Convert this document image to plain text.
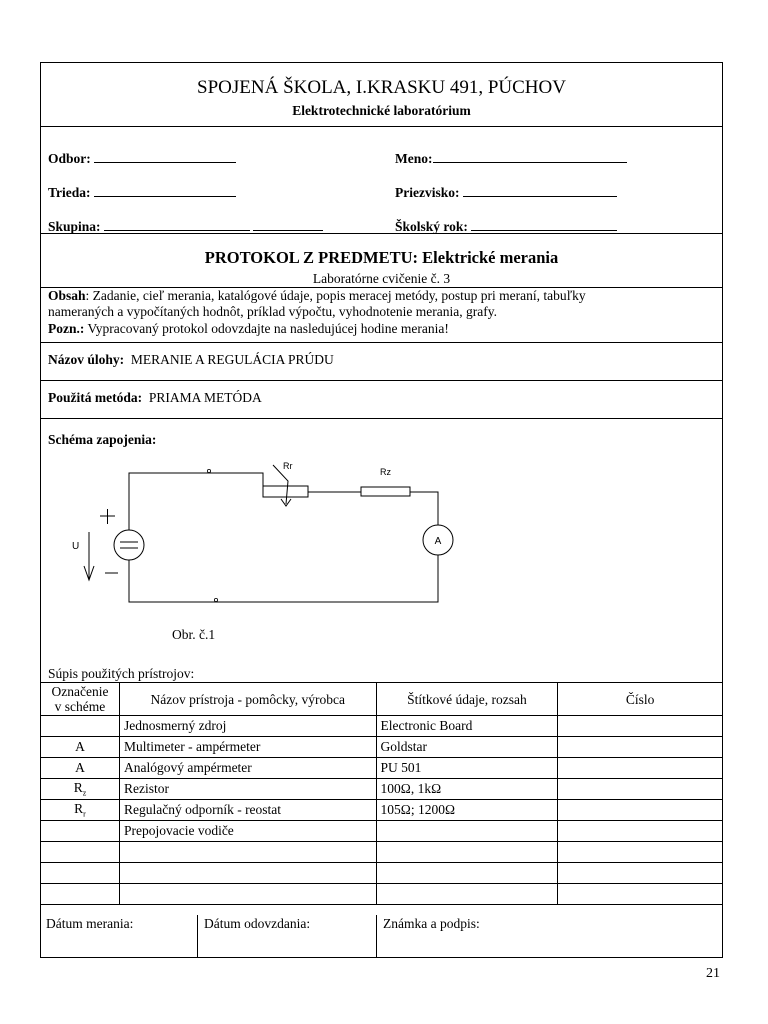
SPOJENÁ ŠKOLA, I.KRASKU 491, PÚCHOV
Elektrotechnické laboratórium
Odbor:
Trieda:
Skupina:
Meno:
Priezvisko:
Školský rok:
PROTOKOL Z PREDMETU: Elektrické merania
Laboratórne cvičenie č. 3
Obsah: Zadanie, cieľ merania, katalógové údaje, popis meracej metódy, postup pri meraní, tabuľky
nameraných a vypočítaných hodnôt, príklad výpočtu, vyhodnotenie merania, grafy.
Pozn.: Vypracovaný protokol odovzdajte na nasledujúcej hodine merania!
Názov úlohy: MERANIE A REGULÁCIA PRÚDU
Použitá metóda: PRIAMA METÓDA
Schéma zapojenia:
A
U
Rr
Rz
Obr. č.1
Súpis použitých prístrojov:
Označenie
v schéme	Názov prístroja - pomôcky, výrobca	Štítkové údaje, rozsah	Číslo
	Jednosmerný zdroj	Electronic Board	
A	Multimeter - ampérmeter	Goldstar	
A	Analógový ampérmeter	PU 501	
$R_z$	Rezistor	100Ω, 1kΩ	
$R_r$	Regulačný odporník - reostat	105Ω; 1200Ω	
	Prepojovacie vodiče		

Dátum merania:	Dátum odovzdania:	Známka a podpis:
21
